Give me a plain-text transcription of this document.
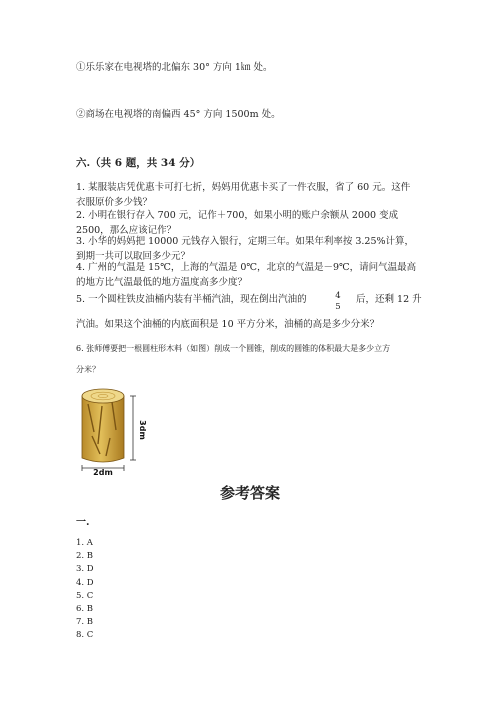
①乐乐家在电视塔的北偏东 30° 方向 1㎞ 处。
②商场在电视塔的南偏西 45° 方向 1500m 处。
六.（共 6 题，共 34 分）
1. 某服装店凭优惠卡可打七折，妈妈用优惠卡买了一件衣服，省了 60 元。这件
衣服原价多少钱？
2. 小明在银行存入 700 元，记作＋700，如果小明的账户余额从 2000 变成
2500，那么应该记作？
3. 小华的妈妈把 10000 元钱存入银行，定期三年。如果年利率按 3.25%计算，
到期一共可以取回多少元？
4. 广州的气温是 15℃，上海的气温是 0℃，北京的气温是－9℃，请问气温最高
的地方比气温最低的地方温度高多少度？
5. 一个圆柱铁皮油桶内装有半桶汽油，现在倒出汽油的	4
5
后，还剩 12 升
汽油。如果这个油桶的内底面积是 10 平方分米，油桶的高是多少分米？
6. 张师傅要把一根圆柱形木料（如图）削成一个圆锥，削成的圆锥的体积最大是多少立方
分米？
3dm
2dm
参考答案
一.
1. A
2. B
3. D
4. D
5. C
6. B
7. B
8. C
